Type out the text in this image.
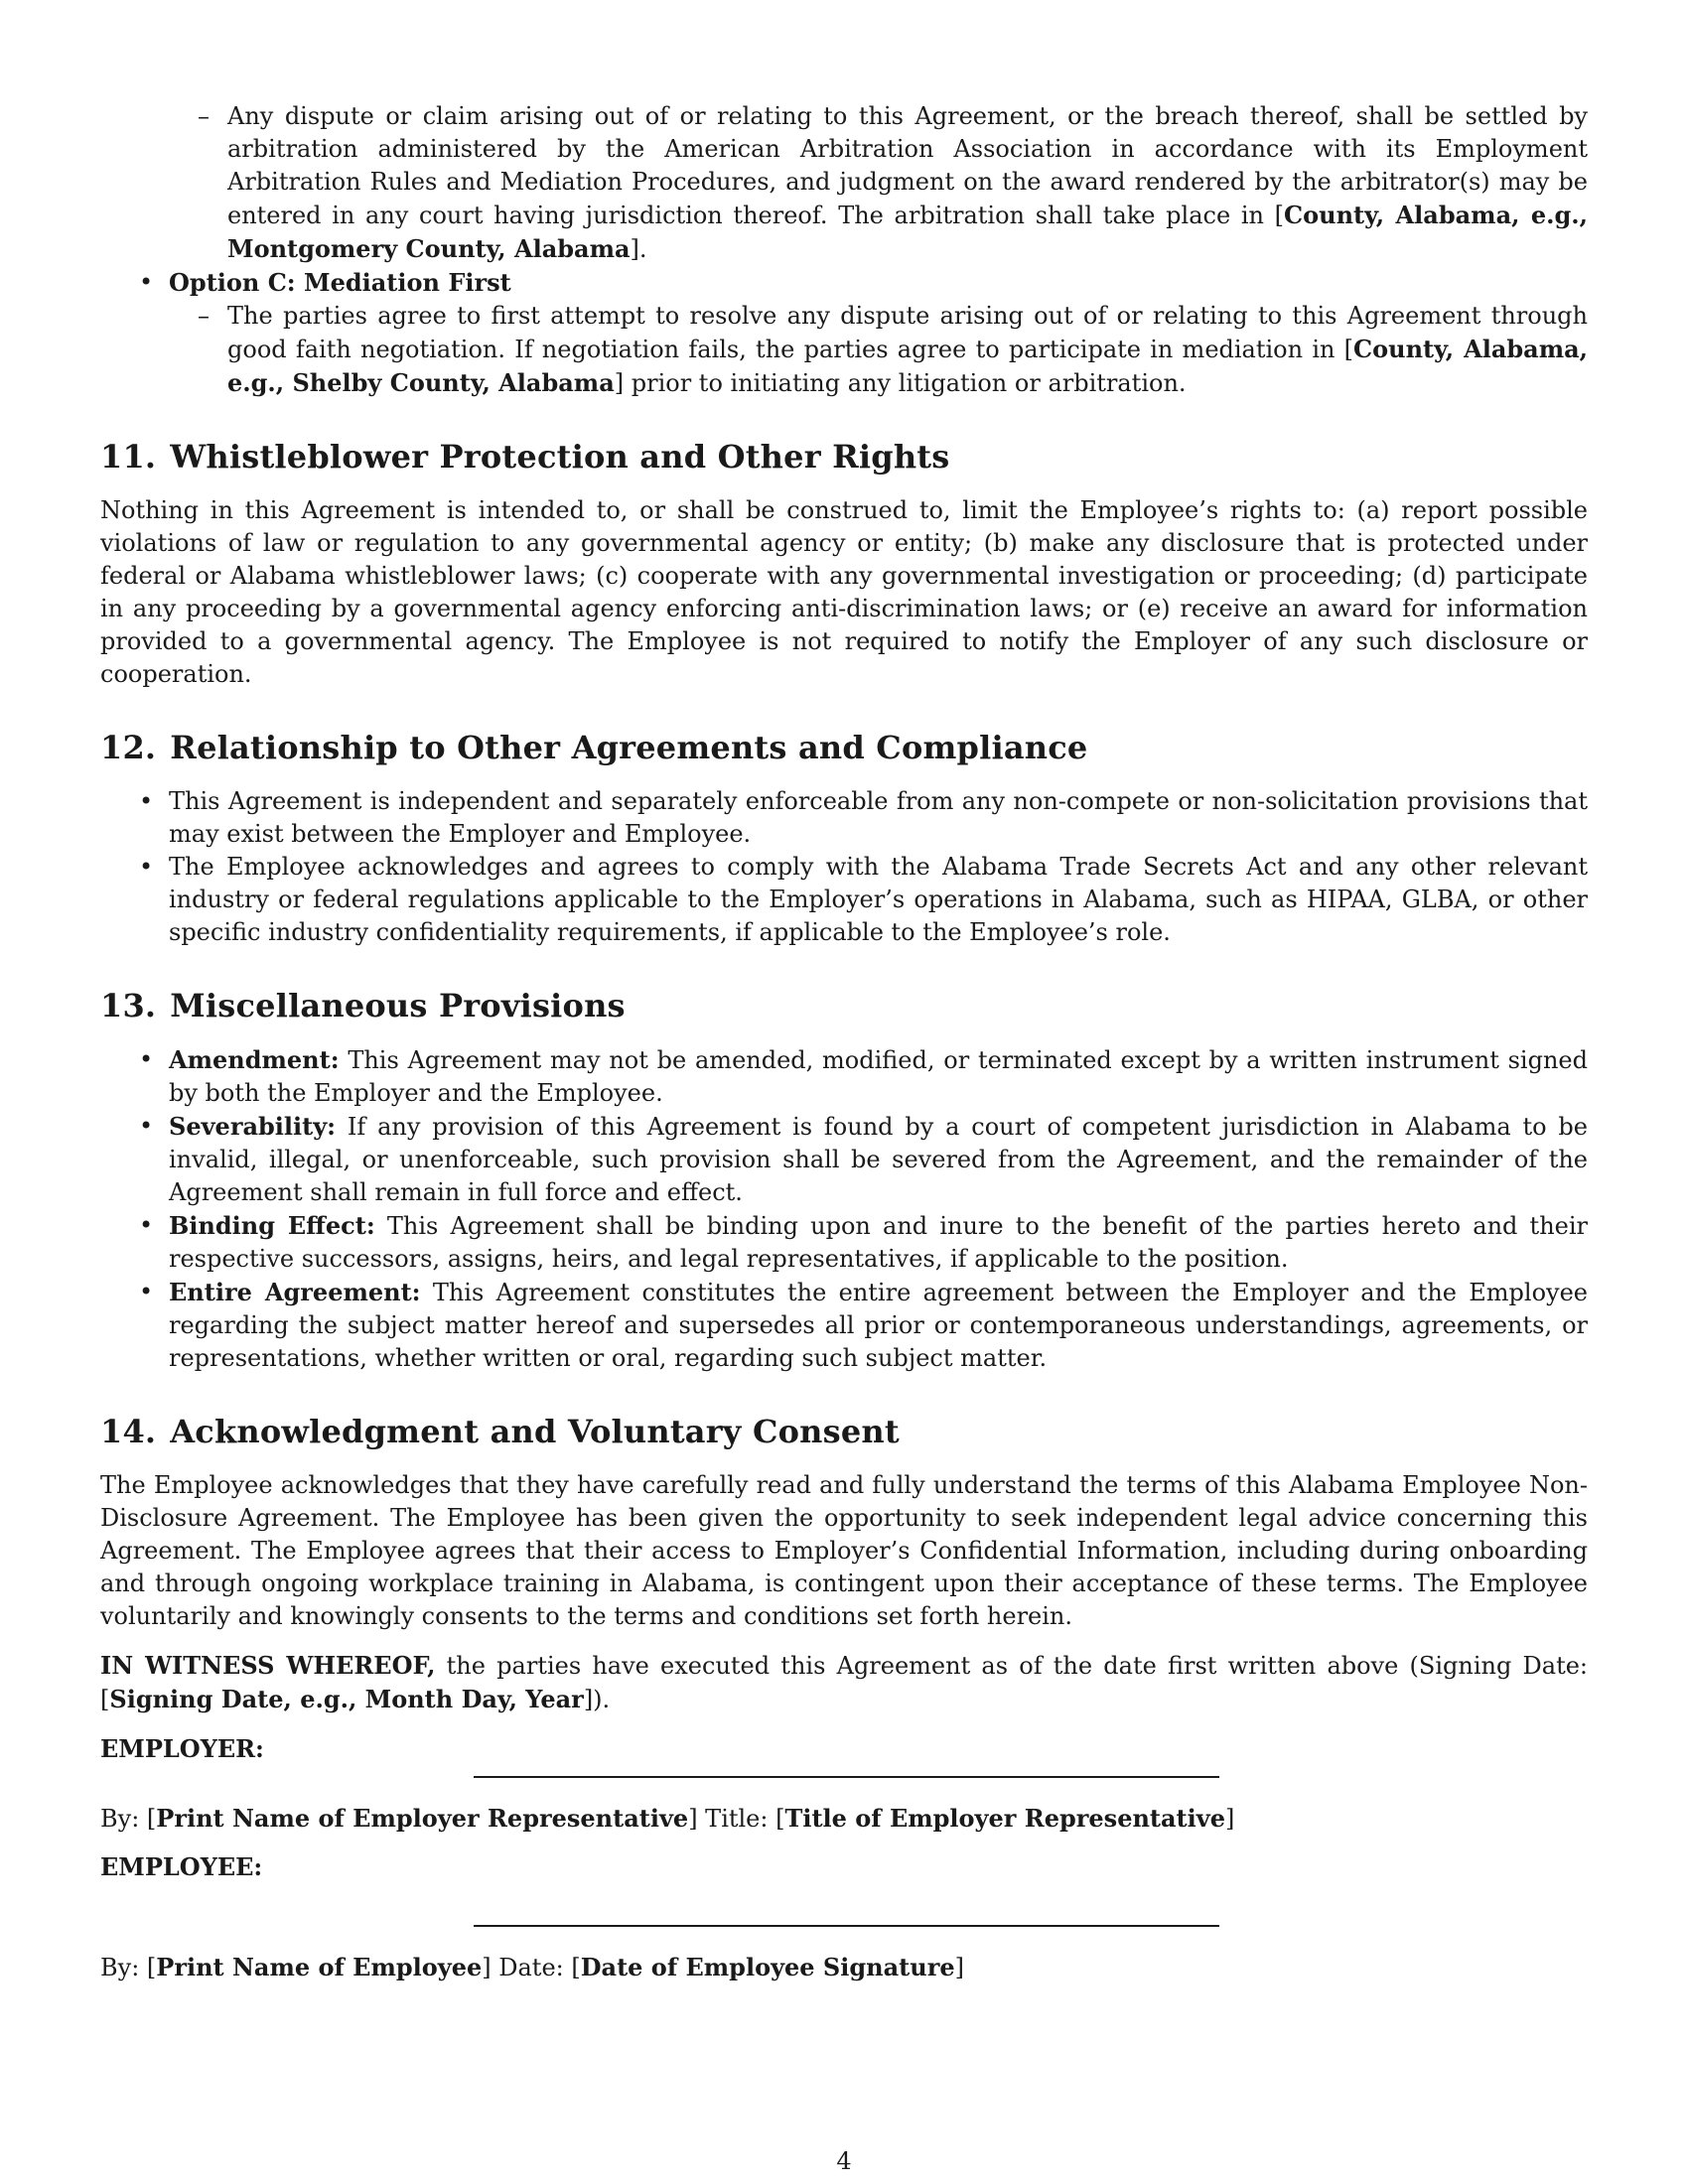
– Any dispute or claim arising out of or relating to this Agreement, or the breach thereof, shall be settled by arbitration administered by the American Arbitration Association in accordance with its Employment Arbitration Rules and Mediation Procedures, and judgment on the award rendered by the arbitrator(s) may be entered in any court having jurisdiction thereof. The arbitration shall take place in [County, Alabama, e.g., Montgomery County, Alabama].
• Option C: Mediation First
– The parties agree to first attempt to resolve any dispute arising out of or relating to this Agreement through good faith negotiation. If negotiation fails, the parties agree to participate in mediation in [County, Alabama, e.g., Shelby County, Alabama] prior to initiating any litigation or arbitration.
11. Whistleblower Protection and Other Rights

Nothing in this Agreement is intended to, or shall be construed to, limit the Employee’s rights to: (a) report possible violations of law or regulation to any governmental agency or entity; (b) make any disclosure that is protected under federal or Alabama whistleblower laws; (c) cooperate with any governmental investigation or proceeding; (d) participate in any proceeding by a governmental agency enforcing anti-discrimination laws; or (e) receive an award for information provided to a governmental agency. The Employee is not required to notify the Employer of any such disclosure or cooperation.

12. Relationship to Other Agreements and Compliance
• This Agreement is independent and separately enforceable from any non-compete or non-solicitation provisions that may exist between the Employer and Employee.
• The Employee acknowledges and agrees to comply with the Alabama Trade Secrets Act and any other relevant industry or federal regulations applicable to the Employer’s operations in Alabama, such as HIPAA, GLBA, or other specific industry confidentiality requirements, if applicable to the Employee’s role.
13. Miscellaneous Provisions
• Amendment: This Agreement may not be amended, modified, or terminated except by a written instrument signed by both the Employer and the Employee.
• Severability: If any provision of this Agreement is found by a court of competent jurisdiction in Alabama to be invalid, illegal, or unenforceable, such provision shall be severed from the Agreement, and the remainder of the Agreement shall remain in full force and effect.
• Binding Effect: This Agreement shall be binding upon and inure to the benefit of the parties hereto and their respective successors, assigns, heirs, and legal representatives, if applicable to the position.
• Entire Agreement: This Agreement constitutes the entire agreement between the Employer and the Employee regarding the subject matter hereof and supersedes all prior or contemporaneous understandings, agreements, or representations, whether written or oral, regarding such subject matter.
14. Acknowledgment and Voluntary Consent

The Employee acknowledges that they have carefully read and fully understand the terms of this Alabama Employee Non-Disclosure Agreement. The Employee has been given the opportunity to seek independent legal advice concerning this Agreement. The Employee agrees that their access to Employer’s Confidential Information, including during onboarding and through ongoing workplace training in Alabama, is contingent upon their acceptance of these terms. The Employee voluntarily and knowingly consents to the terms and conditions set forth herein.

IN WITNESS WHEREOF, the parties have executed this Agreement as of the date first written above (Signing Date: [Signing Date, e.g., Month Day, Year]).

EMPLOYER:

By: [Print Name of Employer Representative] Title: [Title of Employer Representative]

EMPLOYEE:

By: [Print Name of Employee] Date: [Date of Employee Signature]

4
